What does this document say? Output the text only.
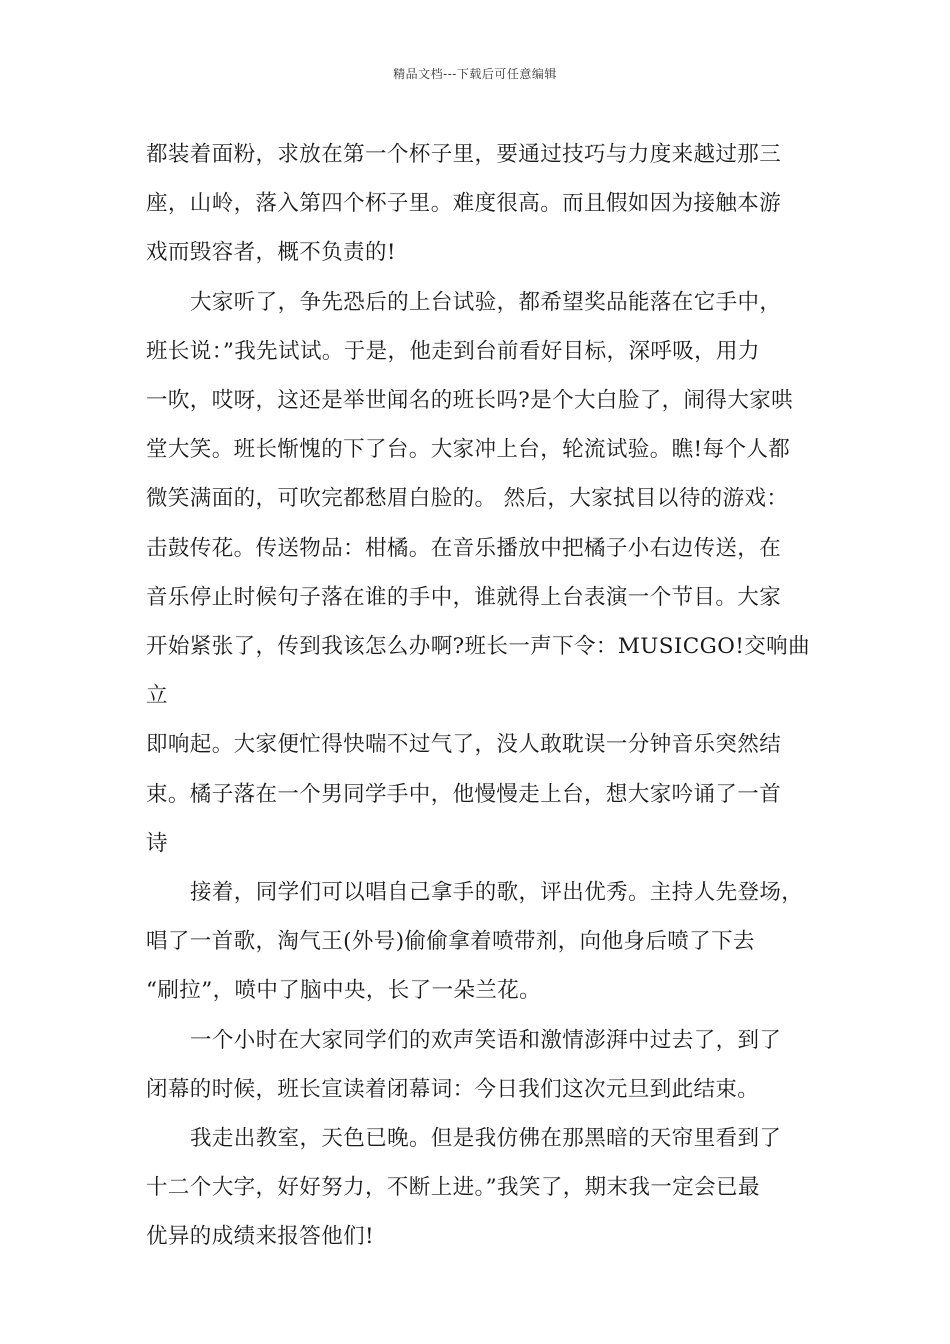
精品文档---下载后可任意编辑

都装着面粉，求放在第一个杯子里，要通过技巧与力度来越过那三
座，山岭，落入第四个杯子里。难度很高。而且假如因为接触本游
戏而毁容者，概不负责的!

大家听了，争先恐后的上台试验，都希望奖品能落在它手中，
班长说：”我先试试。于是，他走到台前看好目标，深呼吸，用力
一吹，哎呀，这还是举世闻名的班长吗?是个大白脸了，闹得大家哄
堂大笑。班长惭愧的下了台。大家冲上台，轮流试验。瞧!每个人都
微笑满面的，可吹完都愁眉白脸的。 然后，大家拭目以待的游戏：
击鼓传花。传送物品：柑橘。在音乐播放中把橘子小右边传送，在
音乐停止时候句子落在谁的手中，谁就得上台表演一个节目。大家
开始紧张了，传到我该怎么办啊?班长一声下令：MUSICGO!交响曲立
即响起。大家便忙得快喘不过气了，没人敢耽误一分钟音乐突然结
束。橘子落在一个男同学手中，他慢慢走上台，想大家吟诵了一首
诗

接着，同学们可以唱自己拿手的歌，评出优秀。主持人先登场，
唱了一首歌，淘气王(外号)偷偷拿着喷带剂，向他身后喷了下去
“刷拉”，喷中了脑中央，长了一朵兰花。

一个小时在大家同学们的欢声笑语和激情澎湃中过去了，到了
闭幕的时候，班长宣读着闭幕词：今日我们这次元旦到此结束。

我走出教室，天色已晚。但是我仿佛在那黑暗的天帘里看到了
十二个大字，好好努力，不断上进。”我笑了，期末我一定会已最
优异的成绩来报答他们!
